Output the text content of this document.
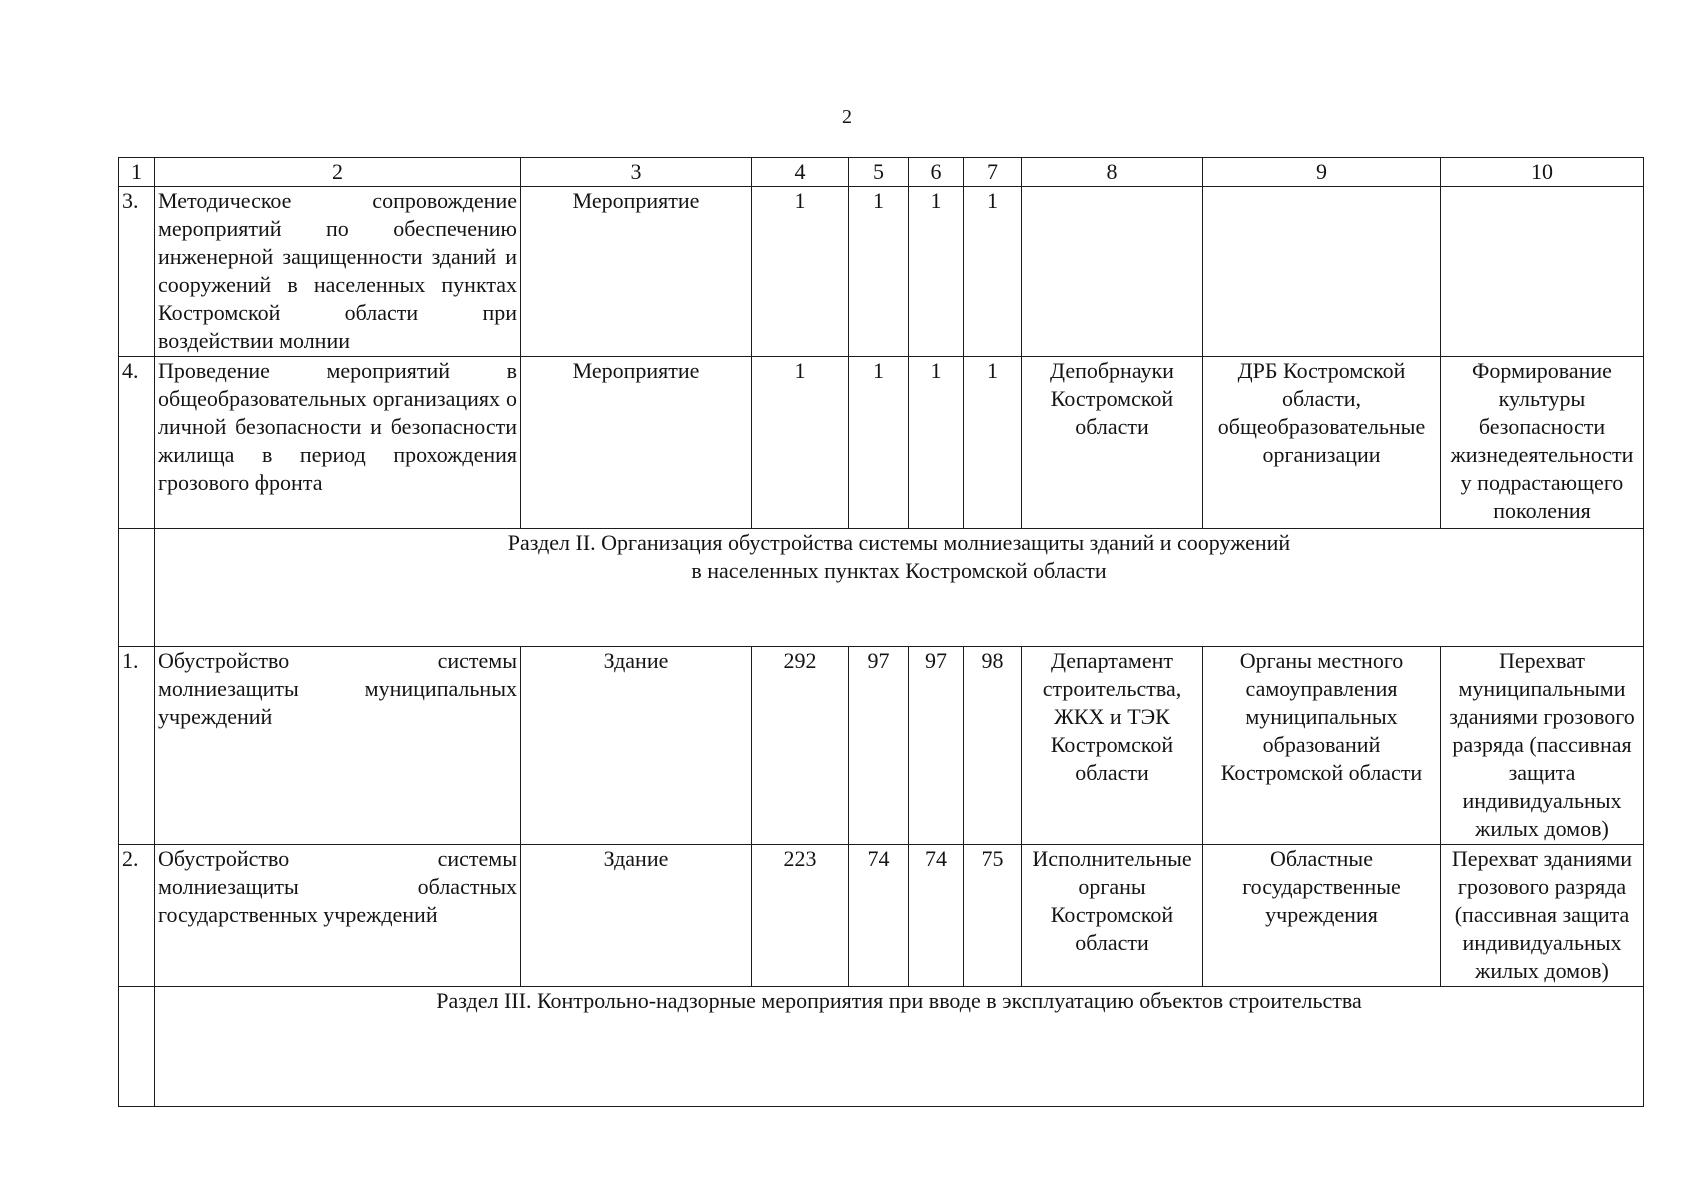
2
1	2	3	4	5	6	7	8	9	10
3.	Методическое сопровождение мероприятий по обеспечению инженерной защищенности зданий и сооружений в населенных пунктах Костромской области при воздействии молнии	Мероприятие	1	1	1	1			
4.	Проведение мероприятий в общеобразовательных организациях о личной безопасности и безопасности жилища в период прохождения грозового фронта	Мероприятие	1	1	1	1	Депобрнауки Костромской области	ДРБ Костромской области, общеобразовательные организации	Формирование культуры безопасности жизнедеятельности у подрастающего поколения

	Раздел II. Организация обустройства системы молниезащиты зданий и сооружений
в населенных пунктах Костромской области								

1.	Обустройство системы молниезащиты муниципальных учреждений	Здание	292	97	97	98	Департамент строительства, ЖКХ и ТЭК Костромской области	Органы местного самоуправления муниципальных образований Костромской области	Перехват муниципальными зданиями грозового разряда (пассивная защита индивидуальных жилых домов)
2.	Обустройство системы молниезащиты областных государственных учреждений	Здание	223	74	74	75	Исполнительные органы Костромской области	Областные государственные учреждения	Перехват зданиями грозового разряда (пассивная защита индивидуальных жилых домов)

	Раздел III. Контрольно-надзорные мероприятия при вводе в эксплуатацию объектов строительства								
